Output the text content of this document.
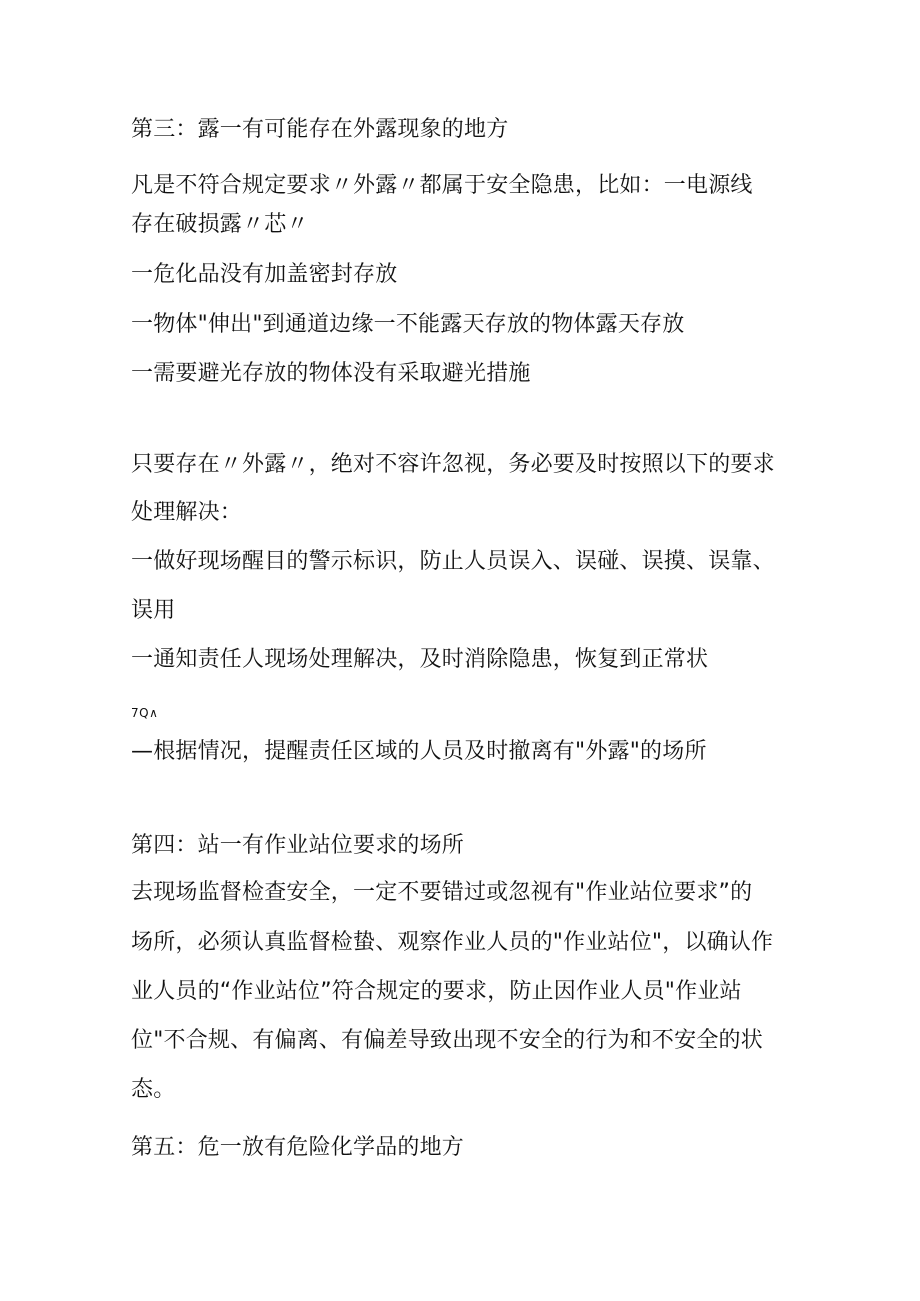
第三：露一有可能存在外露现象的地方
凡是不符合规定要求〃外露〃都属于安全隐患，比如：一电源线
存在破损露〃芯〃
一危化品没有加盖密封存放
一物体"伸出"到通道边缘一不能露天存放的物体露天存放
一需要避光存放的物体没有采取避光措施
只要存在〃外露〃，绝对不容许忽视，务必要及时按照以下的要求
处理解决：
一做好现场醒目的警示标识，防止人员误入、误碰、误摸、误靠、
误用
一通知责任人现场处理解决，及时消除隐患，恢复到正常状
7Q∧
—根据情况，提醒责任区域的人员及时撤离有"外露"的场所
第四：站一有作业站位要求的场所
去现场监督检查安全，一定不要错过或忽视有"作业站位要求”的
场所，必须认真监督检蛰、观察作业人员的"作业站位"，以确认作
业人员的“作业站位”符合规定的要求，防止因作业人员"作业站
位"不合规、有偏离、有偏差导致出现不安全的行为和不安全的状
态。
第五：危一放有危险化学品的地方
